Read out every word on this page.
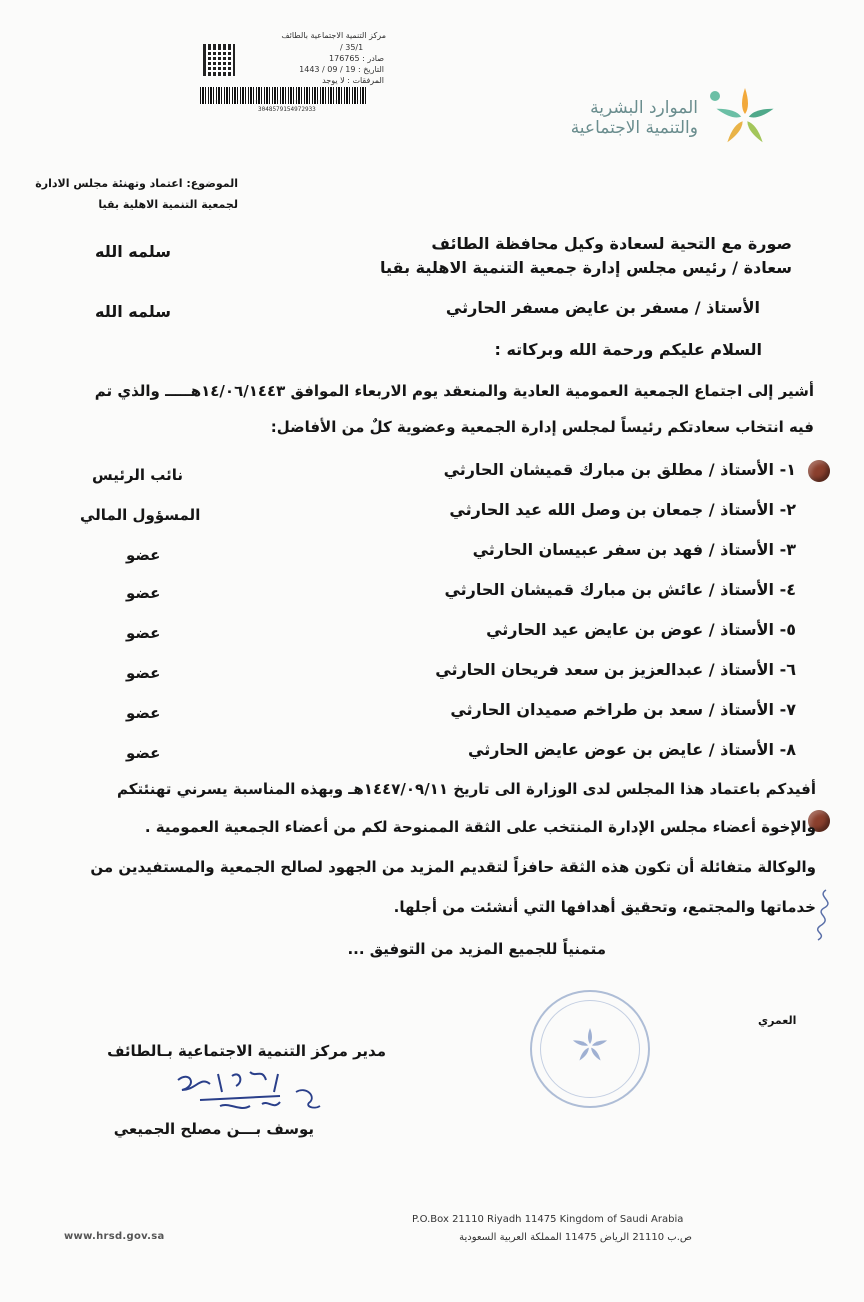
مركز التنمية الاجتماعية بالطائف
/ 35/1
صادر : 176765
التاريخ : 19 / 09 / 1443
المرفقات : لا يوجد
3048579154972933	الموارد البشرية
والتنمية الاجتماعية
الموضوع: اعتماد وتهنئة مجلس الادارة
لجمعية التنمية الاهلية بقيا
صورة مع التحية لسعادة وكيل محافظة الطائف
سلمه الله
سعادة / رئيس مجلس إدارة جمعية التنمية الاهلية بقيا
الأستاذ / مسفر بن عايض مسفر الحارثي
سلمه الله
السلام عليكم ورحمة الله وبركاته :
أشير إلى اجتماع الجمعية العمومية العادية والمنعقد يوم الاربعاء الموافق ١٤/٠٦/١٤٤٣هـــــ والذي تم
فيه انتخاب سعادتكم رئيساً لمجلس إدارة الجمعية وعضوية كلٌ من الأفاضل:
١- الأستاذ / مطلق بن مبارك قميشان الحارثي
نائب الرئيس
٢- الأستاذ / جمعان بن وصل الله عيد الحارثي
المسؤول المالي
٣- الأستاذ / فهد بن سفر عبيسان الحارثي
عضو
٤- الأستاذ / عائش بن مبارك قميشان الحارثي
عضو
٥- الأستاذ / عوض بن عايض عيد الحارثي
عضو
٦- الأستاذ / عبدالعزيز بن سعد فريحان الحارثي
عضو
٧- الأستاذ / سعد بن طراخم صميدان الحارثي
عضو
٨- الأستاذ / عايض بن عوض عايض الحارثي
عضو
أفيدكم باعتماد هذا المجلس لدى الوزارة الى تاريخ ١٤٤٧/٠٩/١١هـ وبهذه المناسبة يسرني تهنئتكم
والإخوة أعضاء مجلس الإدارة المنتخب على الثقة الممنوحة لكم من أعضاء الجمعية العمومية .
والوكالة متفائلة أن تكون هذه الثقة حافزاً لتقديم المزيد من الجهود لصالح الجمعية والمستفيدين من
خدماتها والمجتمع، وتحقيق أهدافها التي أنشئت من أجلها.
متمنياً للجميع المزيد من التوفيق ...
العمري
مدير مركز التنمية الاجتماعية بـالطائف
يوسف بـــن مصلح الجميعي
www.hrsd.gov.sa
P.O.Box 21110 Riyadh 11475 Kingdom of Saudi Arabia
ص.ب 21110 الرياض 11475 المملكة العربية السعودية
